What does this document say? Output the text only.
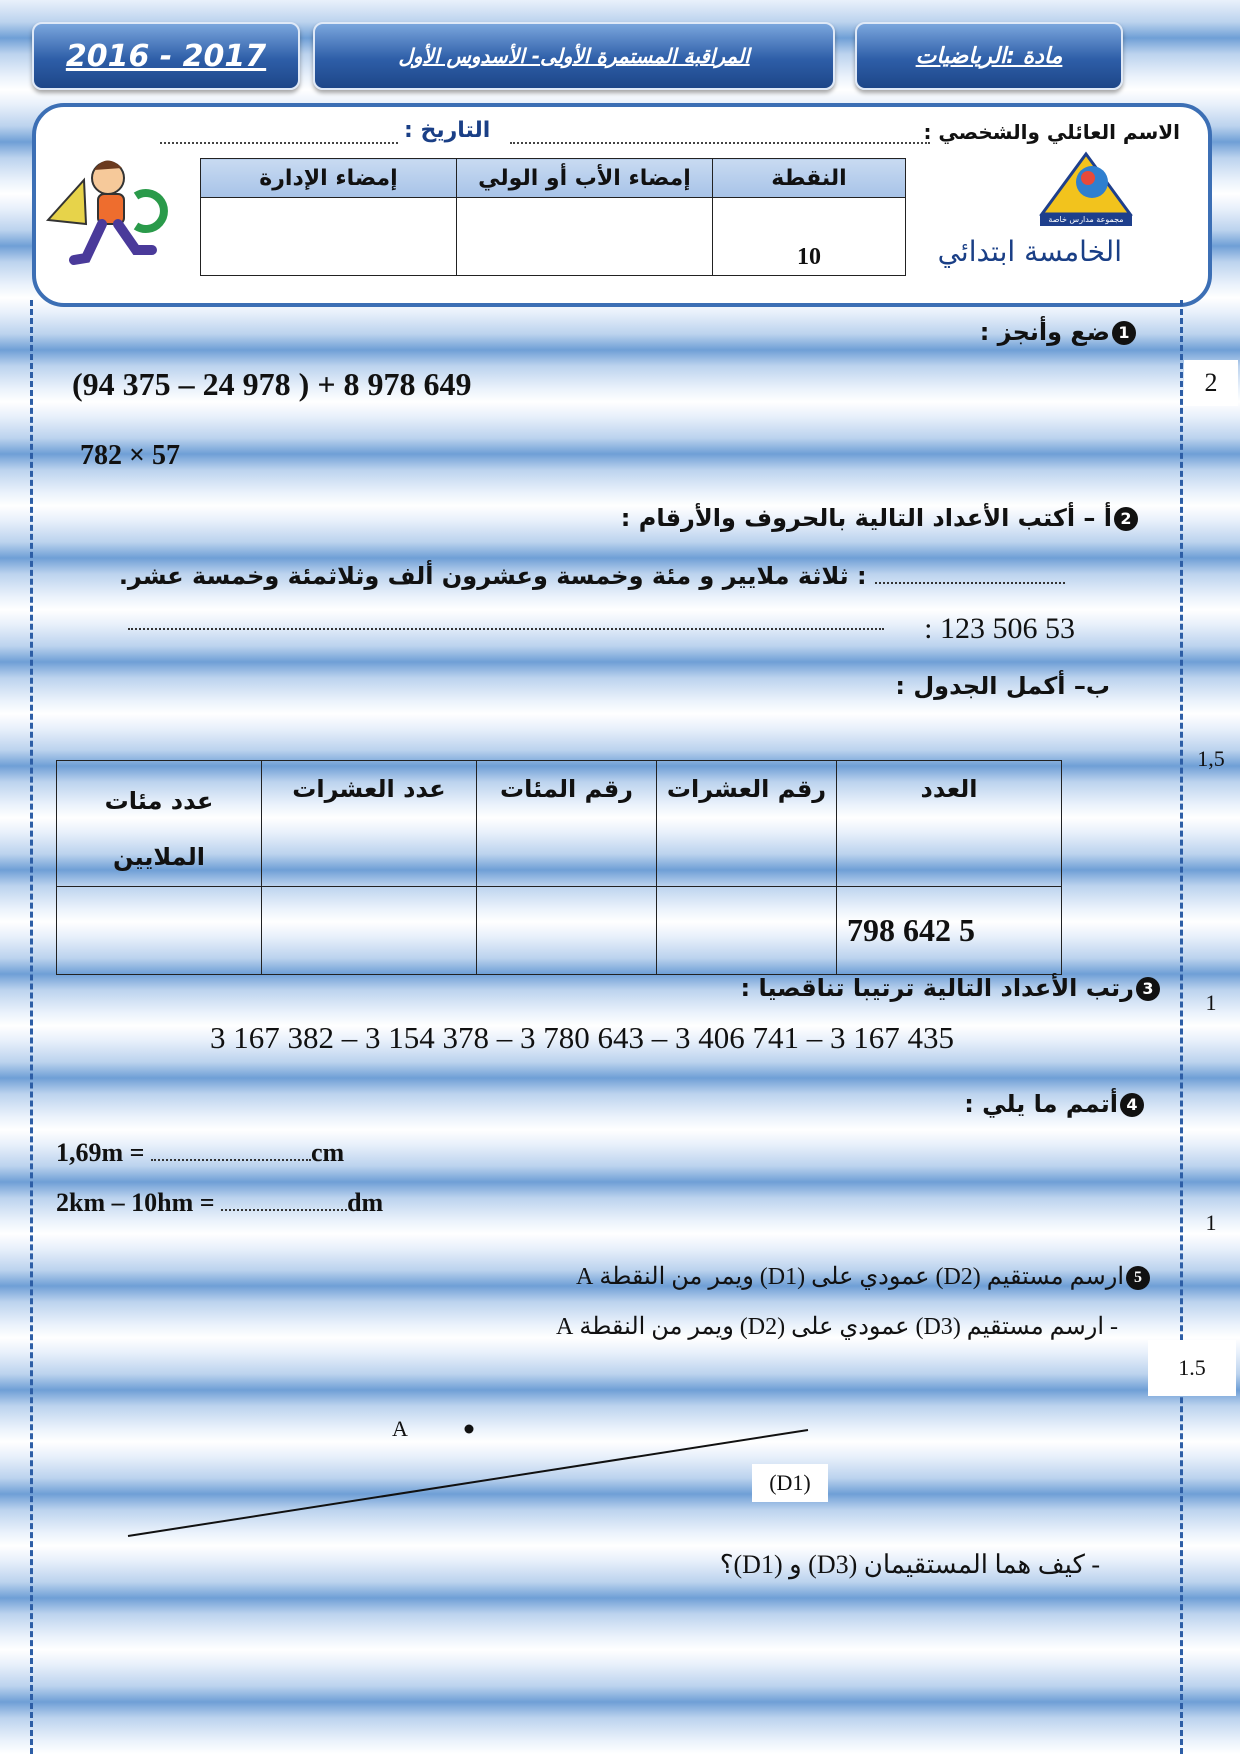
2016 - 2017	المراقبة المستمرة الأولى- الأسدوس الأول	مادة :الرياضيات
الاسم العائلي والشخصي :
التاريخ :
النقطة	إمضاء الأب أو الولي	إمضاء الإدارة
10		
مجموعة مدارس خاصة
الخامسة ابتدائي
2
1,5
1
1
1.5
1ضع وأنجز :
(94 375 – 24 978 ) + 8 978 649
782 × 57
2أ – أكتب الأعداد التالية بالحروف والأرقام :
: ثلاثة ملايير و مئة وخمسة وعشرون ألف وثلاثمئة وخمسة عشر.
53 506 123 :
ب– أكمل الجدول :
العدد	رقم العشرات	رقم المئات	عدد العشرات	عدد مئات الملايين
5 642 798				
3رتب الأعداد التالية ترتيبا تناقصيا :
3 167 382 – 3 154 378 – 3 780 643 – 3 406 741 – 3 167 435
4أتمم ما يلي :
1,69m =	cm
2km – 10hm =	dm
5ارسم مستقيم (D2) عمودي على (D1) ويمر من النقطة A
- ارسم مستقيم (D3) عمودي على (D2) ويمر من النقطة A
A
(D1)
- كيف هما المستقيمان (D3) و (D1)؟
